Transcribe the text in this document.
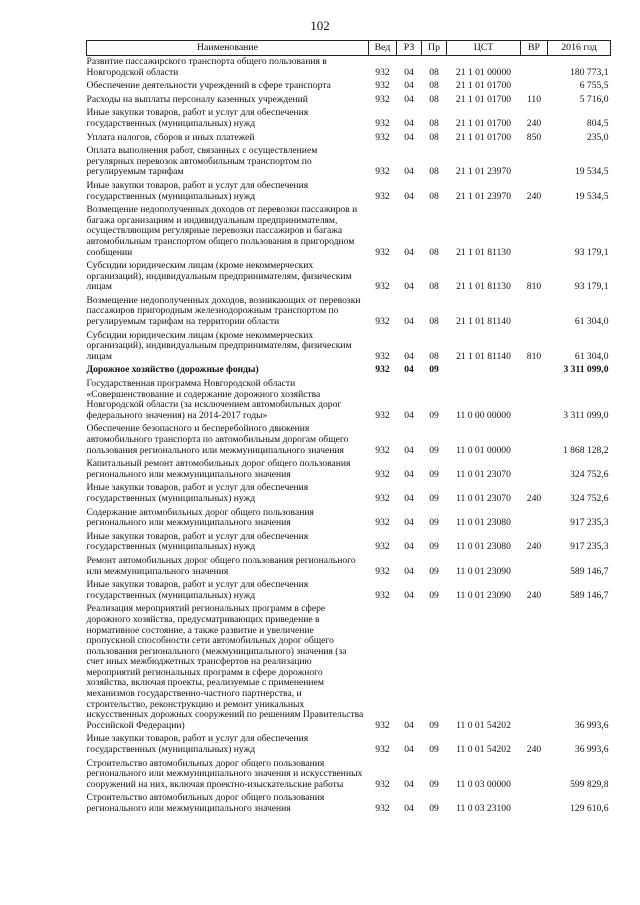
102
Наименование	Вед	РЗ	Пр	ЦСТ	ВР	2016 год
Развитие пассажирского транспорта общего пользования в Новгородской области	932	04	08	21 1 01 00000		180 773,1
Обеспечение деятельности учреждений в сфере транспорта	932	04	08	21 1 01 01700		6 755,5
Расходы на выплаты персоналу казенных учреждений	932	04	08	21 1 01 01700	110	5 716,0
Иные закупки товаров, работ и услуг для обеспечения государственных (муниципальных) нужд	932	04	08	21 1 01 01700	240	804,5
Уплата налогов, сборов и иных платежей	932	04	08	21 1 01 01700	850	235,0
Оплата выполнения работ, связанных с осуществлением регулярных перевозок автомобильным транспортом по регулируемым тарифам	932	04	08	21 1 01 23970		19 534,5
Иные закупки товаров, работ и услуг для обеспечения государственных (муниципальных) нужд	932	04	08	21 1 01 23970	240	19 534,5
Возмещение недополученных доходов от перевозки пассажиров и багажа организациям и индивидуальным предпринимателям, осуществляющим регулярные перевозки пассажиров и багажа автомобильным транспортом общего пользования в пригородном сообщении	932	04	08	21 1 01 81130		93 179,1
Субсидии юридическим лицам (кроме некоммерческих организаций), индивидуальным предпринимателям, физическим лицам	932	04	08	21 1 01 81130	810	93 179,1
Возмещение недополученных доходов, возникающих от перевозки пассажиров пригородным железнодорожным транспортом по регулируемым тарифам на территории области	932	04	08	21 1 01 81140		61 304,0
Субсидии юридическим лицам (кроме некоммерческих организаций), индивидуальным предпринимателям, физическим лицам	932	04	08	21 1 01 81140	810	61 304,0
Дорожное хозяйство (дорожные фонды)	932	04	09			3 311 099,0
Государственная программа Новгородской области «Совершенствование и содержание дорожного хозяйства Новгородской области (за исключением автомобильных дорог федерального значения) на 2014-2017 годы»	932	04	09	11 0 00 00000		3 311 099,0
Обеспечение безопасного и бесперебойного движения автомобильного транспорта по автомобильным дорогам общего пользования регионального или межмуниципального значения	932	04	09	11 0 01 00000		1 868 128,2
Капитальный ремонт автомобильных дорог общего пользования регионального или межмуниципального значения	932	04	09	11 0 01 23070		324 752,6
Иные закупки товаров, работ и услуг для обеспечения государственных (муниципальных) нужд	932	04	09	11 0 01 23070	240	324 752,6
Содержание автомобильных дорог общего пользования регионального или межмуниципального значения	932	04	09	11 0 01 23080		917 235,3
Иные закупки товаров, работ и услуг для обеспечения государственных (муниципальных) нужд	932	04	09	11 0 01 23080	240	917 235,3
Ремонт автомобильных дорог общего пользования регионального или межмуниципального значения	932	04	09	11 0 01 23090		589 146,7
Иные закупки товаров, работ и услуг для обеспечения государственных (муниципальных) нужд	932	04	09	11 0 01 23090	240	589 146,7
Реализация мероприятий региональных программ в сфере дорожного хозяйства, предусматривающих приведение в нормативное состояние, а также развитие и увеличение пропускной способности сети автомобильных дорог общего пользования регионального (межмуниципального) значения (за счет иных межбюджетных трансфертов на реализацию мероприятий региональных программ в сфере дорожного хозяйства, включая проекты, реализуемые с применением механизмов государственно-частного партнерства, и строительство, реконструкцию и ремонт уникальных искусственных дорожных сооружений по решениям Правительства Российской Федерации)	932	04	09	11 0 01 54202		36 993,6
Иные закупки товаров, работ и услуг для обеспечения государственных (муниципальных) нужд	932	04	09	11 0 01 54202	240	36 993,6
Строительство автомобильных дорог общего пользования регионального или межмуниципального значения и искусственных сооружений на них, включая проектно-изыскательские работы	932	04	09	11 0 03 00000		599 829,8
Строительство автомобильных дорог общего пользования регионального или межмуниципального значения	932	04	09	11 0 03 23100		129 610,6
